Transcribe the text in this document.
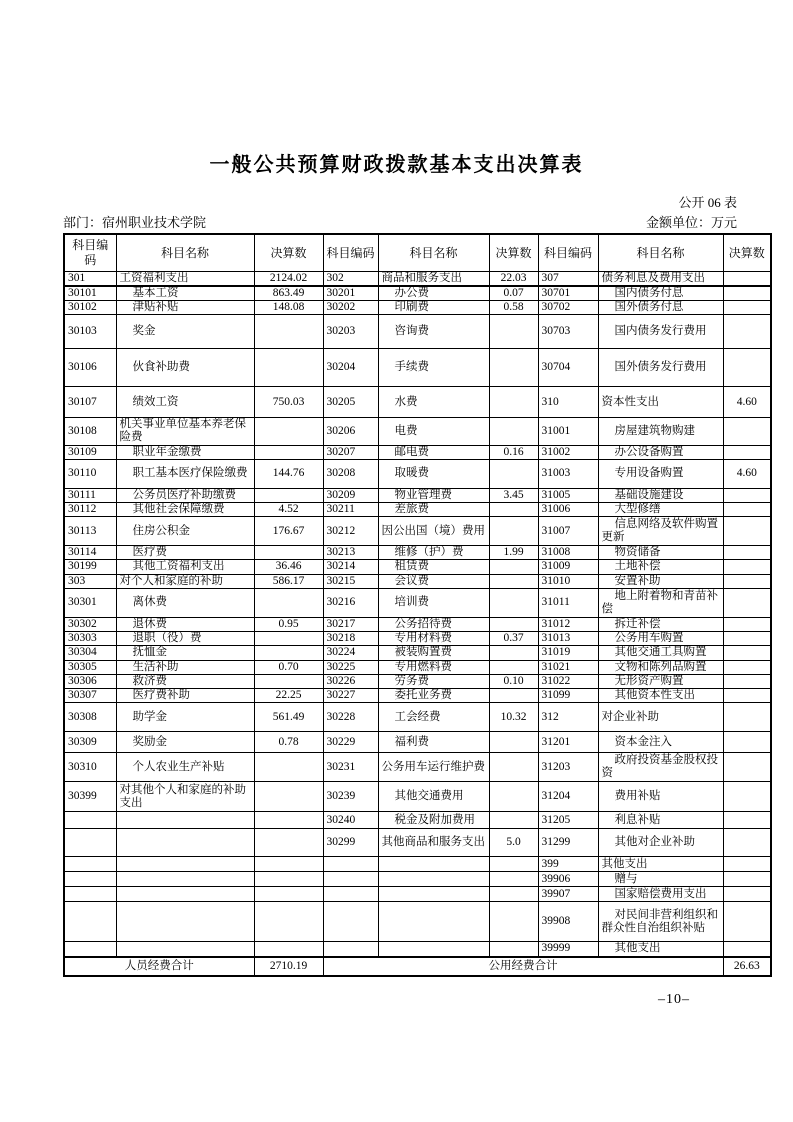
一般公共预算财政拨款基本支出决算表
公开 06 表
部门：宿州职业技术学院	金额单位：万元
科目编码	科目名称	决算数	科目编码	科目名称	决算数	科目编码	科目名称	决算数
301	工资福利支出	2124.02	302	商品和服务支出	22.03	307	债务利息及费用支出	
30101	基本工资	863.49	30201	办公费	0.07	30701	国内债务付息	
30102	津贴补贴	148.08	30202	印刷费	0.58	30702	国外债务付息	
30103	奖金		30203	咨询费		30703	国内债务发行费用	
30106	伙食补助费		30204	手续费		30704	国外债务发行费用	
30107	绩效工资	750.03	30205	水费		310	资本性支出	4.60
30108	机关事业单位基本养老保险费		30206	电费		31001	房屋建筑物购建	
30109	职业年金缴费		30207	邮电费	0.16	31002	办公设备购置	
30110	职工基本医疗保险缴费	144.76	30208	取暖费		31003	专用设备购置	4.60
30111	公务员医疗补助缴费		30209	物业管理费	3.45	31005	基础设施建设	
30112	其他社会保障缴费	4.52	30211	差旅费		31006	大型修缮	
30113	住房公积金	176.67	30212	因公出国（境）费用		31007	信息网络及软件购置更新	
30114	医疗费		30213	维修（护）费	1.99	31008	物资储备	
30199	其他工资福利支出	36.46	30214	租赁费		31009	土地补偿	
303	对个人和家庭的补助	586.17	30215	会议费		31010	安置补助	
30301	离休费		30216	培训费		31011	地上附着物和青苗补偿	
30302	退休费	0.95	30217	公务招待费		31012	拆迁补偿	
30303	退职（役）费		30218	专用材料费	0.37	31013	公务用车购置	
30304	抚恤金		30224	被装购置费		31019	其他交通工具购置	
30305	生活补助	0.70	30225	专用燃料费		31021	文物和陈列品购置	
30306	救济费		30226	劳务费	0.10	31022	无形资产购置	
30307	医疗费补助	22.25	30227	委托业务费		31099	其他资本性支出	
30308	助学金	561.49	30228	工会经费	10.32	312	对企业补助	
30309	奖励金	0.78	30229	福利费		31201	资本金注入	
30310	个人农业生产补贴		30231	公务用车运行维护费		31203	政府投资基金股权投资	
30399	对其他个人和家庭的补助支出		30239	其他交通费用		31204	费用补贴	
			30240	税金及附加费用		31205	利息补贴	
			30299	其他商品和服务支出	5.0	31299	其他对企业补助	
						399	其他支出	
						39906	赠与	
						39907	国家赔偿费用支出	
						39908	对民间非营利组织和群众性自治组织补贴	
						39999	其他支出	
人员经费合计		2710.19	公用经费合计					26.63
–10–
